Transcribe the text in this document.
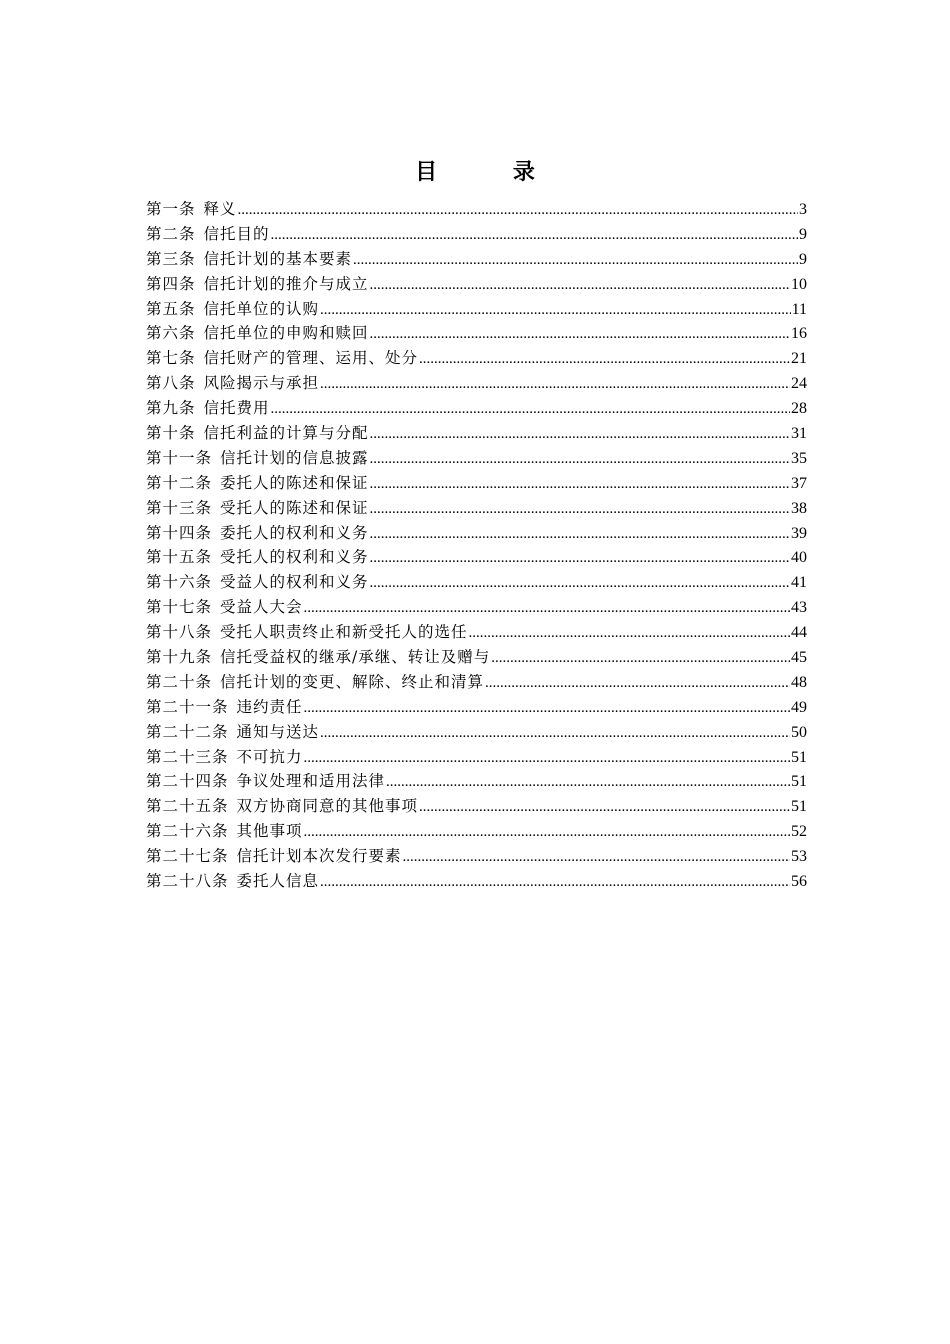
目 录
第一条 释义 .....	3
第二条 信托目的 .....	9
第三条 信托计划的基本要素 .....	9
第四条 信托计划的推介与成立 .....	10
第五条 信托单位的认购 .....	11
第六条 信托单位的申购和赎回 .....	16
第七条 信托财产的管理、运用、处分 .....	21
第八条 风险揭示与承担 .....	24
第九条 信托费用 .....	28
第十条 信托利益的计算与分配 .....	31
第十一条 信托计划的信息披露 .....	35
第十二条 委托人的陈述和保证 .....	37
第十三条 受托人的陈述和保证 .....	38
第十四条 委托人的权利和义务 .....	39
第十五条 受托人的权利和义务 .....	40
第十六条 受益人的权利和义务 .....	41
第十七条 受益人大会 .....	43
第十八条 受托人职责终止和新受托人的选任 .....	44
第十九条 信托受益权的继承/承继、转让及赠与 .....	45
第二十条 信托计划的变更、解除、终止和清算 .....	48
第二十一条 违约责任 .....	49
第二十二条 通知与送达 .....	50
第二十三条 不可抗力 .....	51
第二十四条 争议处理和适用法律 .....	51
第二十五条 双方协商同意的其他事项 .....	51
第二十六条 其他事项 .....	52
第二十七条 信托计划本次发行要素 .....	53
第二十八条 委托人信息 .....	56
